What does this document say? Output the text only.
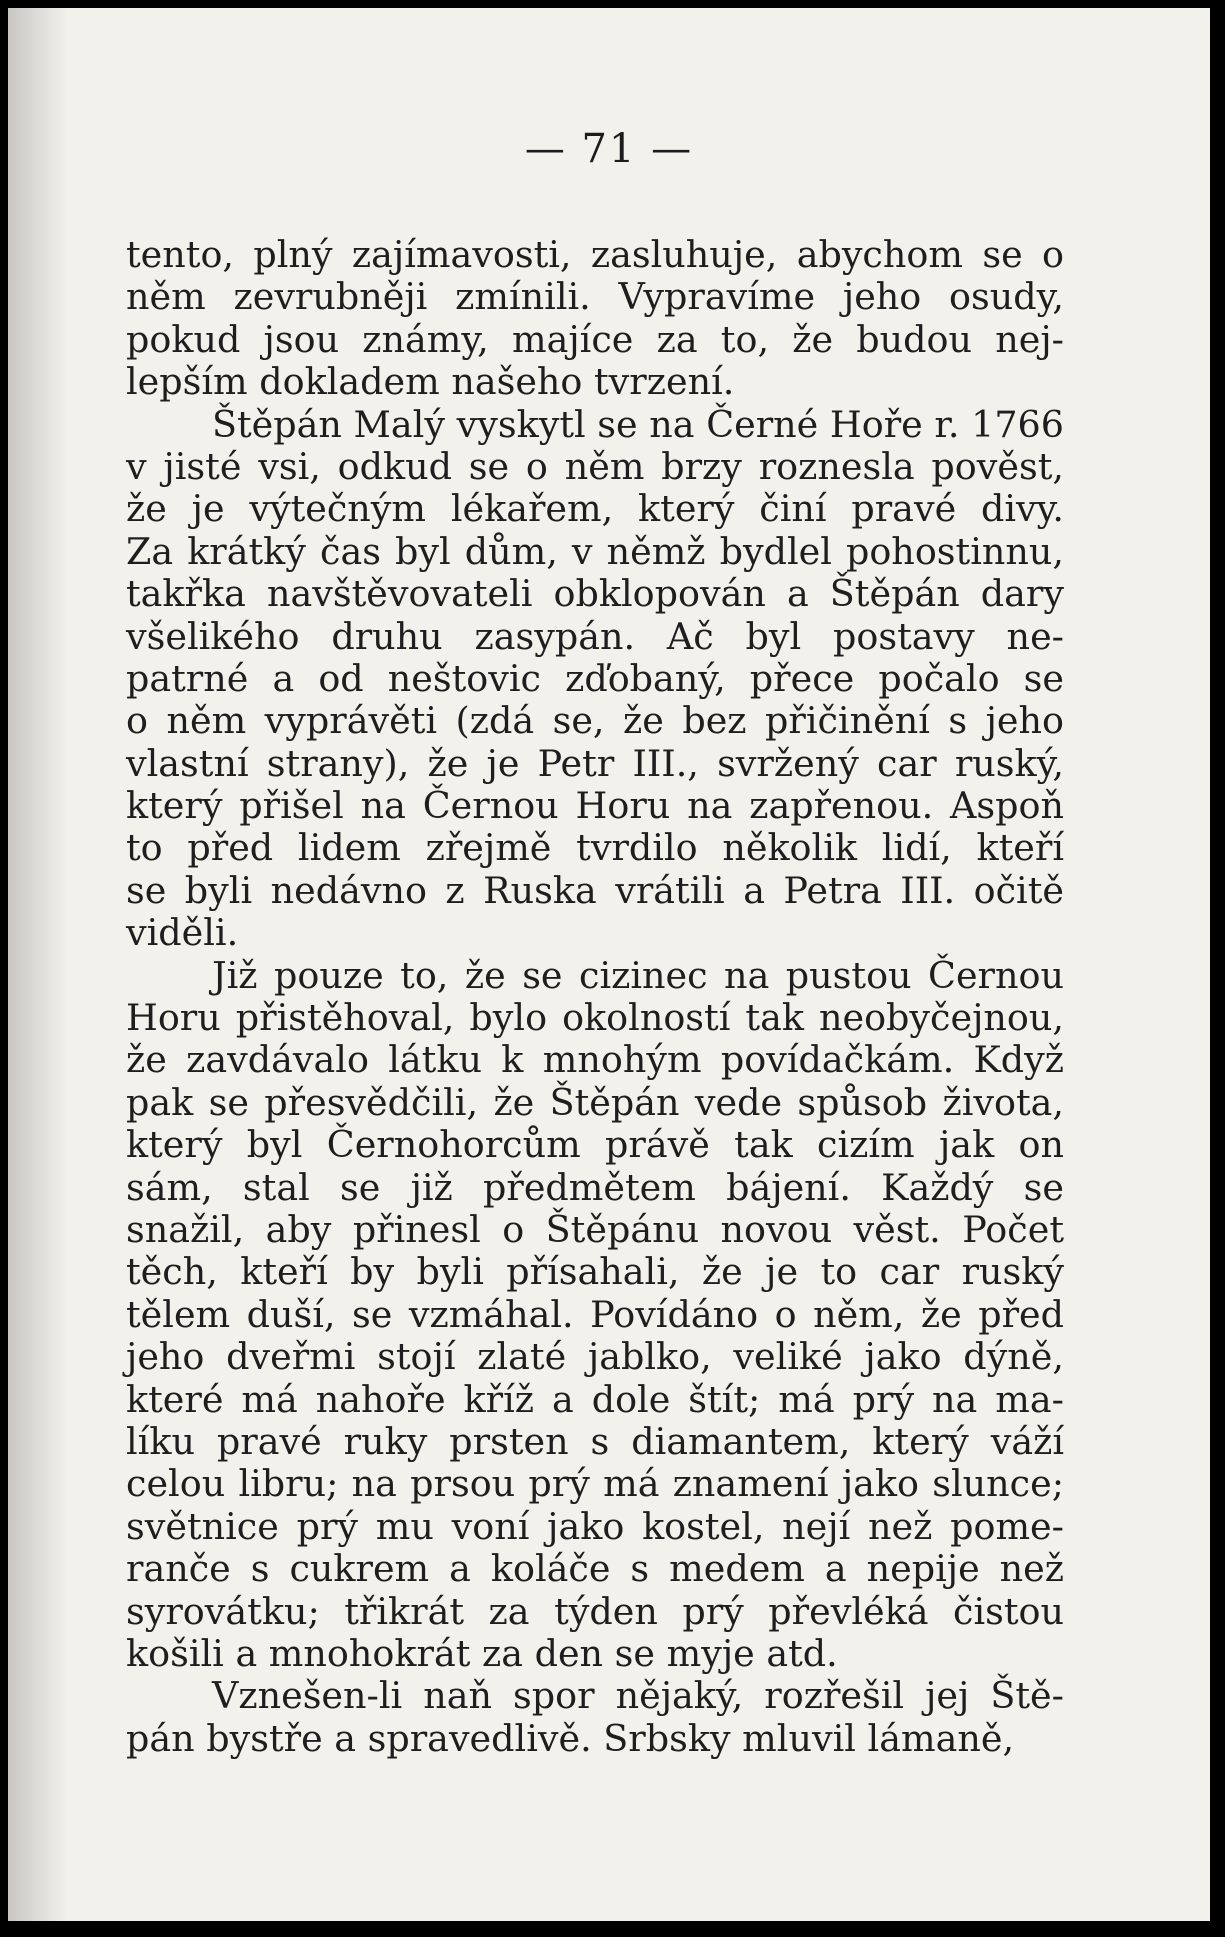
— 71 —
tento, plný zajímavosti, zasluhuje, abychom se o
něm zevrubněji zmínili. Vypravíme jeho osudy,
pokud jsou známy, majíce za to, že budou nej-
lepším dokladem našeho tvrzení.
Štěpán Malý vyskytl se na Černé Hoře r. 1766
v jisté vsi, odkud se o něm brzy roznesla pověst,
že je výtečným lékařem, který činí pravé divy.
Za krátký čas byl dům, v němž bydlel pohostinnu,
takřka navštěvovateli obklopován a Štěpán dary
všelikého druhu zasypán. Ač byl postavy ne-
patrné a od neštovic zďobaný, přece počalo se
o něm vyprávěti (zdá se, že bez přičinění s jeho
vlastní strany), že je Petr III., svržený car ruský,
který přišel na Černou Horu na zapřenou. Aspoň
to před lidem zřejmě tvrdilo několik lidí, kteří
se byli nedávno z Ruska vrátili a Petra III. očitě
viděli.
Již pouze to, že se cizinec na pustou Černou
Horu přistěhoval, bylo okolností tak neobyčejnou,
že zavdávalo látku k mnohým povídačkám. Když
pak se přesvědčili, že Štěpán vede spůsob života,
který byl Černohorcům právě tak cizím jak on
sám, stal se již předmětem bájení. Každý se
snažil, aby přinesl o Štěpánu novou věst. Počet
těch, kteří by byli přísahali, že je to car ruský
tělem duší, se vzmáhal. Povídáno o něm, že před
jeho dveřmi stojí zlaté jablko, veliké jako dýně,
které má nahoře kříž a dole štít; má prý na ma-
líku pravé ruky prsten s diamantem, který váží
celou libru; na prsou prý má znamení jako slunce;
světnice prý mu voní jako kostel, nejí než pome-
ranče s cukrem a koláče s medem a nepije než
syrovátku; třikrát za týden prý převléká čistou
košili a mnohokrát za den se myje atd.
Vznešen-li naň spor nějaký, rozřešil jej Ště-
pán bystře a spravedlivě. Srbsky mluvil lámaně,
